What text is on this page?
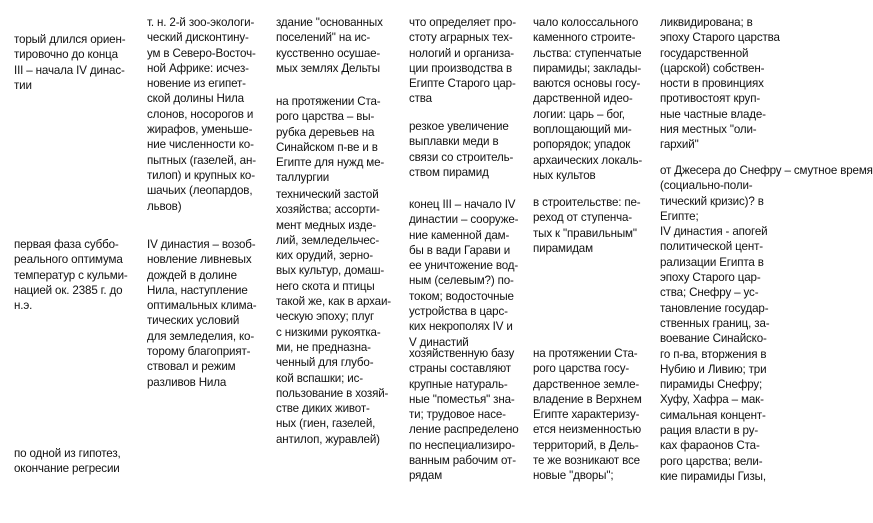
торый длился ориен-
тировочно до конца
III – начала IV динас-
тии

первая фаза суббо-
реального оптимума
температур с кульми-
нацией ок. 2385 г. до
н.э.

по одной из гипотез,
окончание регресии

т. н. 2-й зоо-экологи-
ческий дисконтину-
ум в Северо-Восточ-
ной Африке: исчез-
новение из египет-
ской долины Нила
слонов, носорогов и
жирафов, уменьше-
ние численности ко-
пытных (газелей, ан-
тилоп) и крупных ко-
шачьих (леопардов,
львов)

IV династия – возоб-
новление ливневых
дождей в долине
Нила, наступление
оптимальных климa-
тических условий
для земледелия, ко-
торому благоприят-
ствовал и режим
разливов Нила

здание "основанных
поселений" на ис-
кусственно осушае-
мых землях Дельты

на протяжении Ста-
рого царства – вы-
рубка деревьев на
Синайском п-ве и в
Египте для нужд ме-
таллургии

технический застой
хозяйства; ассорти-
мент медных изде-
лий, земледельчес-
ких орудий, зерно-
вых культур, домаш-
него скота и птицы
такой же, как в архаи-
ческую эпоху; плуг
с низкими рукоятка-
ми, не предназна-
ченный для глубо-
кой вспашки; ис-
пользование в хозяй-
стве диких живот-
ных (гиен, газелей,
антилоп, журавлей)

что определяет про-
стоту аграрных тех-
нологий и организа-
ции производства в
Египте Старого цар-
ства

резкое увеличение
выплавки меди в
связи со строитель-
ством пирамид

конец III – начало IV
династии – сооруже-
ние каменной дам-
бы в вади Гарави и
ее уничтожение вод-
ным (селевым?) по-
током; водосточные
устройства в царс-
ких некрополях IV и
V династий

хозяйственную базу
страны составляют
крупные натураль-
ные "поместья" зна-
ти; трудовое насе-
ление распределено
по неспециализиро-
ванным рабочим от-
рядам

чало колоссального
каменного строите-
льства: ступенчатые
пирамиды; заклады-
ваются основы госу-
дарственной идео-
логии: царь – бог,
воплощающий ми-
ропорядок; упадок
архаических локаль-
ных культов

в строительстве: пе-
реход от ступенча-
тых к "правильным"
пирамидам

на протяжении Ста-
рого царства госу-
дарственное земле-
владение в Верхнем
Египте характеризу-
ется неизменностью
территорий, в Дель-
те же возникают все
новые "дворы";

ликвидирована; в
эпоху Старого царства
государственной
(царской) собствен-
ности в провинциях
противостоят круп-
ные частные владе-
ния местных "оли-
гархий"

от Джесера до Снефру – смутное время
(социально-поли-
тический кризис)? в
Египте;
IV династия - апогей
политической цент-
рализации Египта в
эпоху Старого цар-
ства; Снефру – ус-
тановление государ-
ственных границ, за-
воевание Синайско-
го п-ва, вторжения в
Нубию и Ливию; три
пирамиды Снефру;
Хуфу, Хафра – мак-
симальная концент-
рация власти в ру-
ках фараонов Ста-
рого царства; вели-
кие пирамиды Гизы,
